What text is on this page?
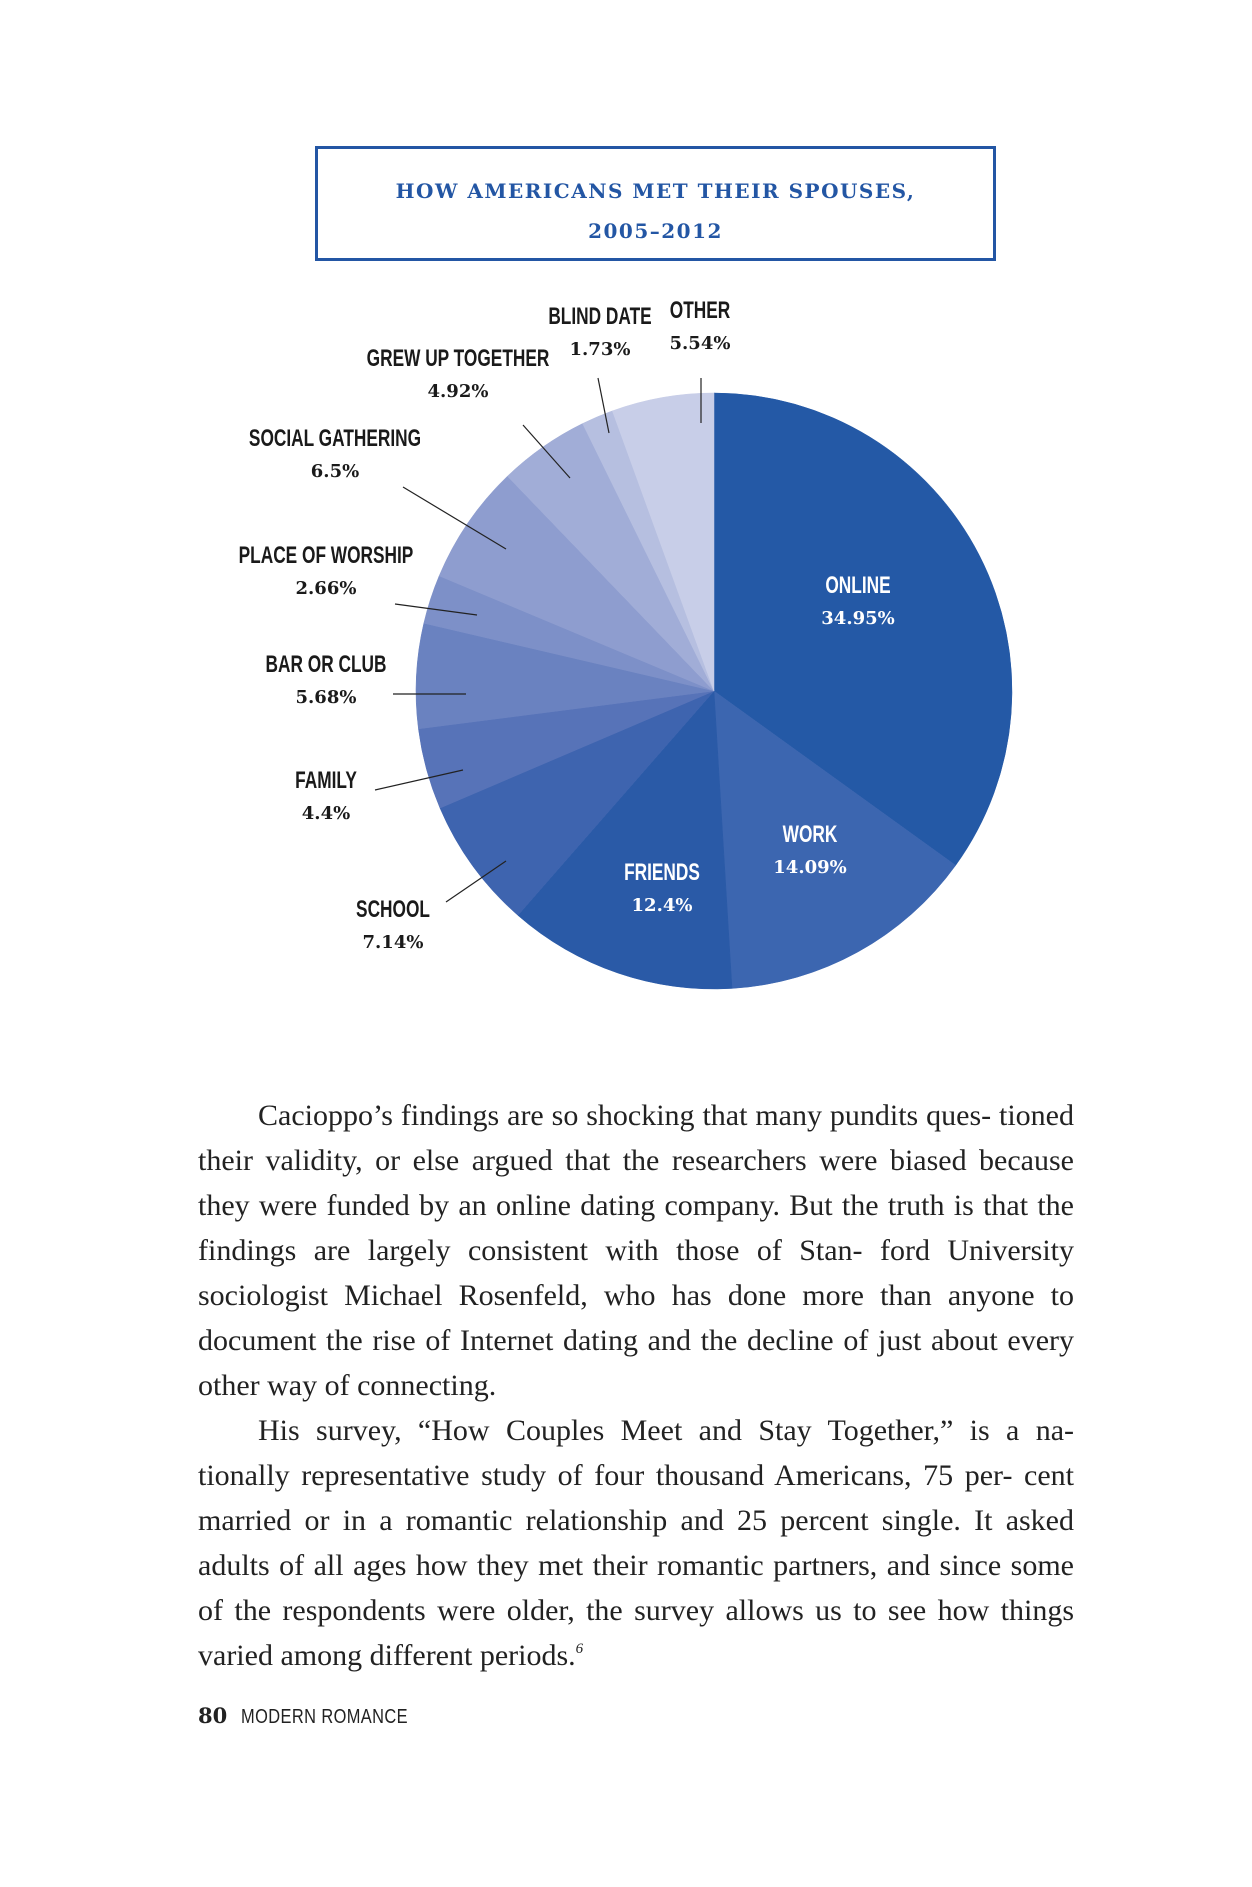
HOW AMERICANS MET THEIR SPOUSES,
2005–2012
ONLINE
34.95%
WORK
14.09%
FRIENDS
12.4%
SCHOOL
7.14%
FAMILY
4.4%
BAR OR CLUB
5.68%
PLACE OF WORSHIP
2.66%
SOCIAL GATHERING
6.5%
GREW UP TOGETHER
4.92%
BLIND DATE
1.73%
OTHER
5.54%

Cacioppo’s findings are so shocking that many pundits ques- tioned their validity, or else argued that the researchers were biased because they were funded by an online dating company. But the truth is that the findings are largely consistent with those of Stan- ford University sociologist Michael Rosenfeld, who has done more than anyone to document the rise of Internet dating and the decline of just about every other way of connecting.

His survey, “How Couples Meet and Stay Together,” is a na- tionally representative study of four thousand Americans, 75 per- cent married or in a romantic relationship and 25 percent single. It asked adults of all ages how they met their romantic partners, and since some of the respondents were older, the survey allows us to see how things varied among different periods.$^6$

80 MODERN ROMANCE
